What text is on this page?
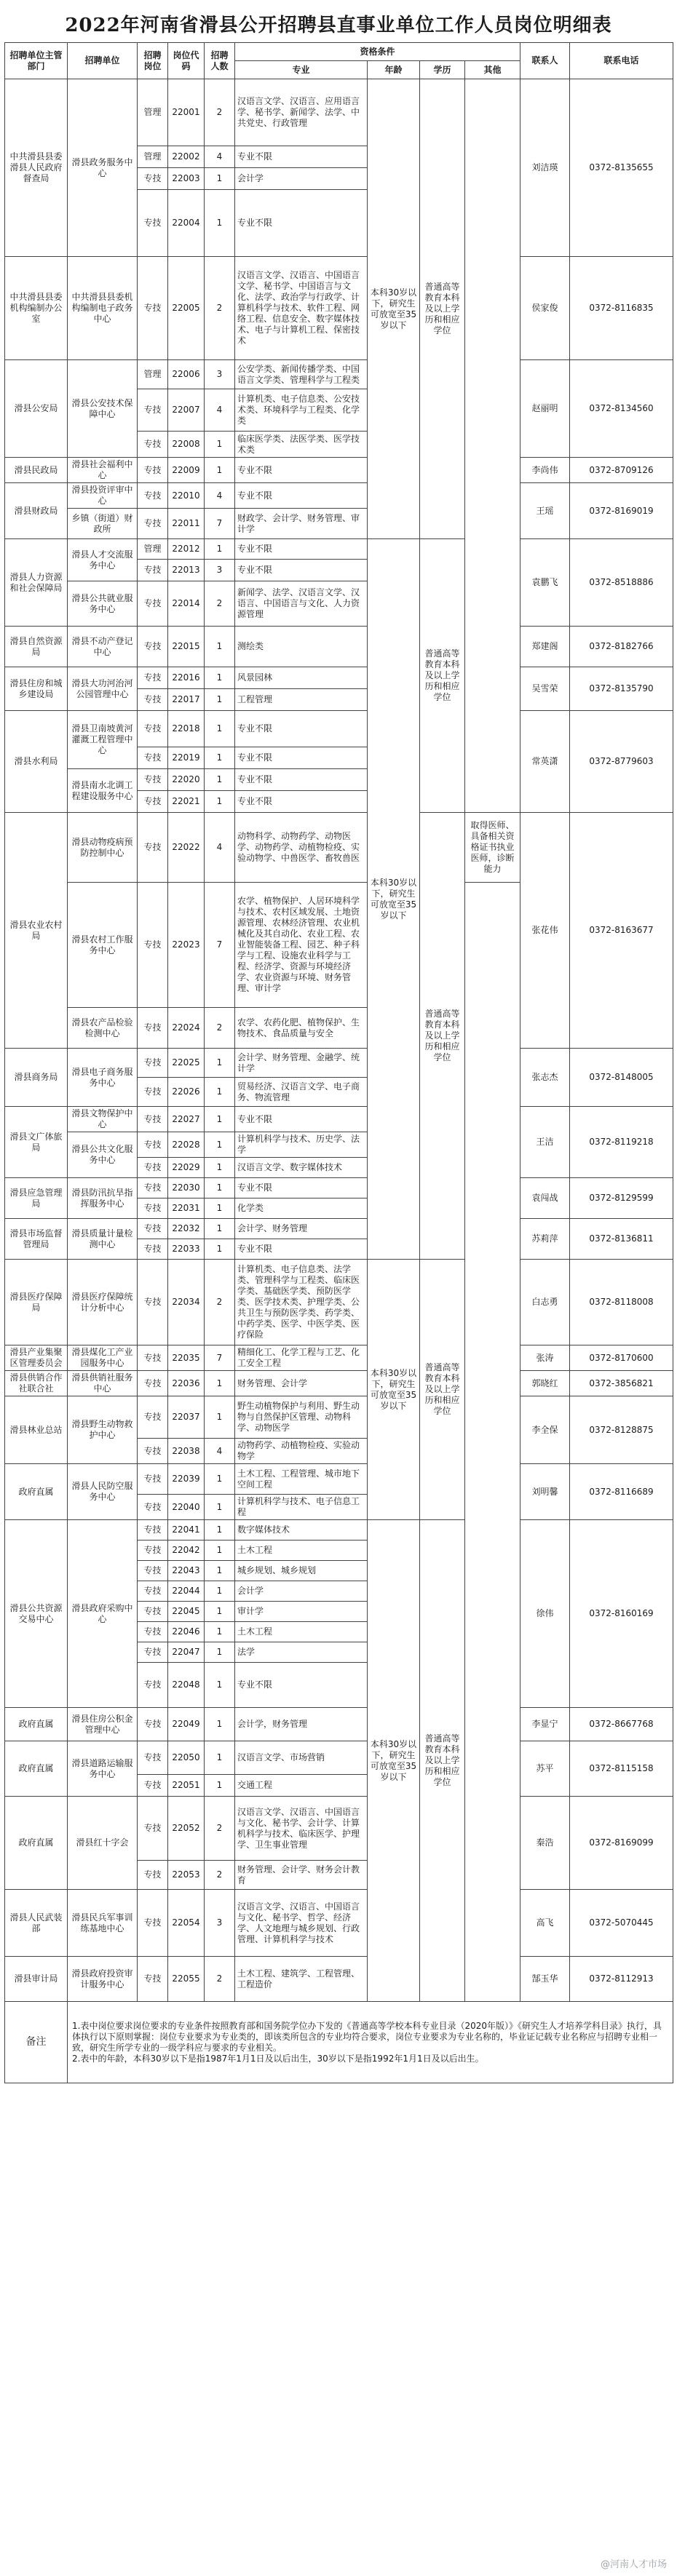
2022年河南省滑县公开招聘县直事业单位工作人员岗位明细表
招聘单位主管部门	招聘单位	招聘岗位	岗位代码	招聘人数	资格条件				联系人	联系电话
					专业	年龄	学历	其他		
中共滑县县委滑县人民政府督查局	滑县政务服务中心	管理	22001	2	汉语言文学、汉语言、应用语言学、秘书学、新闻学、法学、中共党史、行政管理	本科30岁以下，研究生可放宽至35岁以下	普通高等教育本科及以上学历和相应学位		刘洁瑛	0372-8135655
		管理	22002	4	专业不限					
		专技	22003	1	会计学					
		专技	22004	1	专业不限					
中共滑县县委机构编制办公室	中共滑县县委机构编制电子政务中心	专技	22005	2	汉语言文学、汉语言、中国语言文学、秘书学、中国语言与文化、法学、政治学与行政学、计算机科学与技术、软件工程、网络工程、信息安全、数字媒体技术、电子与计算机工程、保密技术				侯家俊	0372-8116835
滑县公安局	滑县公安技术保障中心	管理	22006	3	公安学类、新闻传播学类、中国语言文学类、管理科学与工程类				赵丽明	0372-8134560
		专技	22007	4	计算机类、电子信息类、公安技术类、环境科学与工程类、化学类					
		专技	22008	1	临床医学类、法医学类、医学技术类					
滑县民政局	滑县社会福利中心	专技	22009	1	专业不限				李尚伟	0372-8709126
滑县财政局	滑县投资评审中心	专技	22010	4	专业不限				王瑶	0372-8169019
	乡镇（街道）财政所	专技	22011	7	财政学、会计学、财务管理、审计学					
滑县人力资源和社会保障局	滑县人才交流服务中心	管理	22012	1	专业不限	本科30岁以下，研究生可放宽至35岁以下	普通高等教育本科及以上学历和相应学位		袁鹏飞	0372-8518886
		专技	22013	3	专业不限					
	滑县公共就业服务中心	专技	22014	2	新闻学、法学、汉语言文学、汉语言、中国语言与文化、人力资源管理					
滑县自然资源局	滑县不动产登记中心	专技	22015	1	测绘类				郑建阁	0372-8182766
滑县住房和城乡建设局	滑县大功河治河公园管理中心	专技	22016	1	风景园林				吴雪荣	0372-8135790
		专技	22017	1	工程管理					
滑县水利局	滑县卫南坡黄河灌溉工程管理中心	专技	22018	1	专业不限				常英潇	0372-8779603
		专技	22019	1	专业不限					
	滑县南水北调工程建设服务中心	专技	22020	1	专业不限					
		专技	22021	1	专业不限					
滑县农业农村局	滑县动物疫病预防控制中心	专技	22022	4	动物科学、动物药学、动物医学、动物药学、动植物检疫、实验动物学、中兽医学、畜牧兽医		普通高等教育本科及以上学历和相应学位	取得医师、具备相关资格证书执业医师，诊断能力	张花伟	0372-8163677
	滑县农村工作服务中心	专技	22023	7	农学、植物保护、人居环境科学与技术、农村区域发展、土地资源管理、农林经济管理、农业机械化及其自动化、农业工程、农业智能装备工程、园艺、种子科学与工程、设施农业科学与工程、经济学、资源与环境经济学、农业资源与环境、财务管理、审计学					
	滑县农产品检验检测中心	专技	22024	2	农学、农药化肥、植物保护、生物技术、食品质量与安全					
滑县商务局	滑县电子商务服务中心	专技	22025	1	会计学、财务管理、金融学、统计学				张志杰	0372-8148005
		专技	22026	1	贸易经济、汉语言文学、电子商务、物流管理					
滑县文广体旅局	滑县文物保护中心	专技	22027	1	专业不限				王洁	0372-8119218
	滑县公共文化服务中心	专技	22028	1	计算机科学与技术、历史学、法学					
		专技	22029	1	汉语言文学、数字媒体技术					
滑县应急管理局	滑县防汛抗旱指挥服务中心	专技	22030	1	专业不限				袁闯战	0372-8129599
		专技	22031	1	化学类					
滑县市场监督管理局	滑县质量计量检测中心	专技	22032	1	会计学、财务管理				苏莉萍	0372-8136811
		专技	22033	1	专业不限					
滑县医疗保障局	滑县医疗保障统计分析中心	专技	22034	2	计算机类、电子信息类、法学类、管理科学与工程类、临床医学类、基础医学类、预防医学类、医学技术类、护理学类、公共卫生与预防医学类、药学类、中药学类、医学、中医学类、医疗保险	本科30岁以下，研究生可放宽至35岁以下	普通高等教育本科及以上学历和相应学位		白志勇	0372-8118008
滑县产业集聚区管理委员会	滑县煤化工产业园服务中心	专技	22035	7	精细化工、化学工程与工艺、化工安全工程				张涛	0372-8170600
滑县供销合作社联合社	滑县供销社服务中心	专技	22036	1	财务管理、会计学				郭晓红	0372-3856821
滑县林业总站	滑县野生动物救护中心	专技	22037	1	野生动植物保护与利用、野生动物与自然保护区管理、动物科学、动物医学				李全保	0372-8128875
		专技	22038	4	动物药学、动植物检疫、实验动物学					
政府直属	滑县人民防空服务中心	专技	22039	1	土木工程、工程管理、城市地下空间工程				刘明馨	0372-8116689
		专技	22040	1	计算机科学与技术、电子信息工程					
滑县公共资源交易中心	滑县政府采购中心	专技	22041	1	数字媒体技术	本科30岁以下，研究生可放宽至35岁以下	普通高等教育本科及以上学历和相应学位		徐伟	0372-8160169
		专技	22042	1	土木工程					
		专技	22043	1	城乡规划、城乡规划					
		专技	22044	1	会计学					
		专技	22045	1	审计学					
		专技	22046	1	土木工程					
		专技	22047	1	法学					
		专技	22048	1	专业不限					
政府直属	滑县住房公积金管理中心	专技	22049	1	会计学，财务管理				李显宁	0372-8667768
政府直属	滑县道路运输服务中心	专技	22050	1	汉语言文学、市场营销				苏平	0372-8115158
		专技	22051	1	交通工程					
政府直属	滑县红十字会	专技	22052	2	汉语言文学、汉语言、中国语言与文化、秘书学、会计学、计算机科学与技术、临床医学、护理学、卫生事业管理				秦浩	0372-8169099
		专技	22053	2	财务管理、会计学、财务会计教育					
滑县人民武装部	滑县民兵军事训练基地中心	专技	22054	3	汉语言文学、汉语言、中国语言与文化、秘书学、哲学、经济学、人文地理与城乡规划、行政管理、计算机科学与技术				高飞	0372-5070445
滑县审计局	滑县政府投资审计服务中心	专技	22055	2	土木工程、建筑学、工程管理、工程造价				郜玉华	0372-8112913
备注	1.表中岗位要求岗位要求的专业条件按照教育部和国务院学位办下发的《普通高等学校本科专业目录（2020年版）》《研究生人才培养学科目录》执行，具体执行以下原则掌握：岗位专业要求为专业类的，即该类所包含的专业均符合要求，岗位专业要求为专业名称的，毕业证记载专业名称应与招聘专业相一致，研究生所学专业的一级学科应与要求的专业相关。
2.表中的年龄，本科30岁以下是指1987年1月1日及以后出生，30岁以下是指1992年1月1日及以后出生。									
@河南人才市场
